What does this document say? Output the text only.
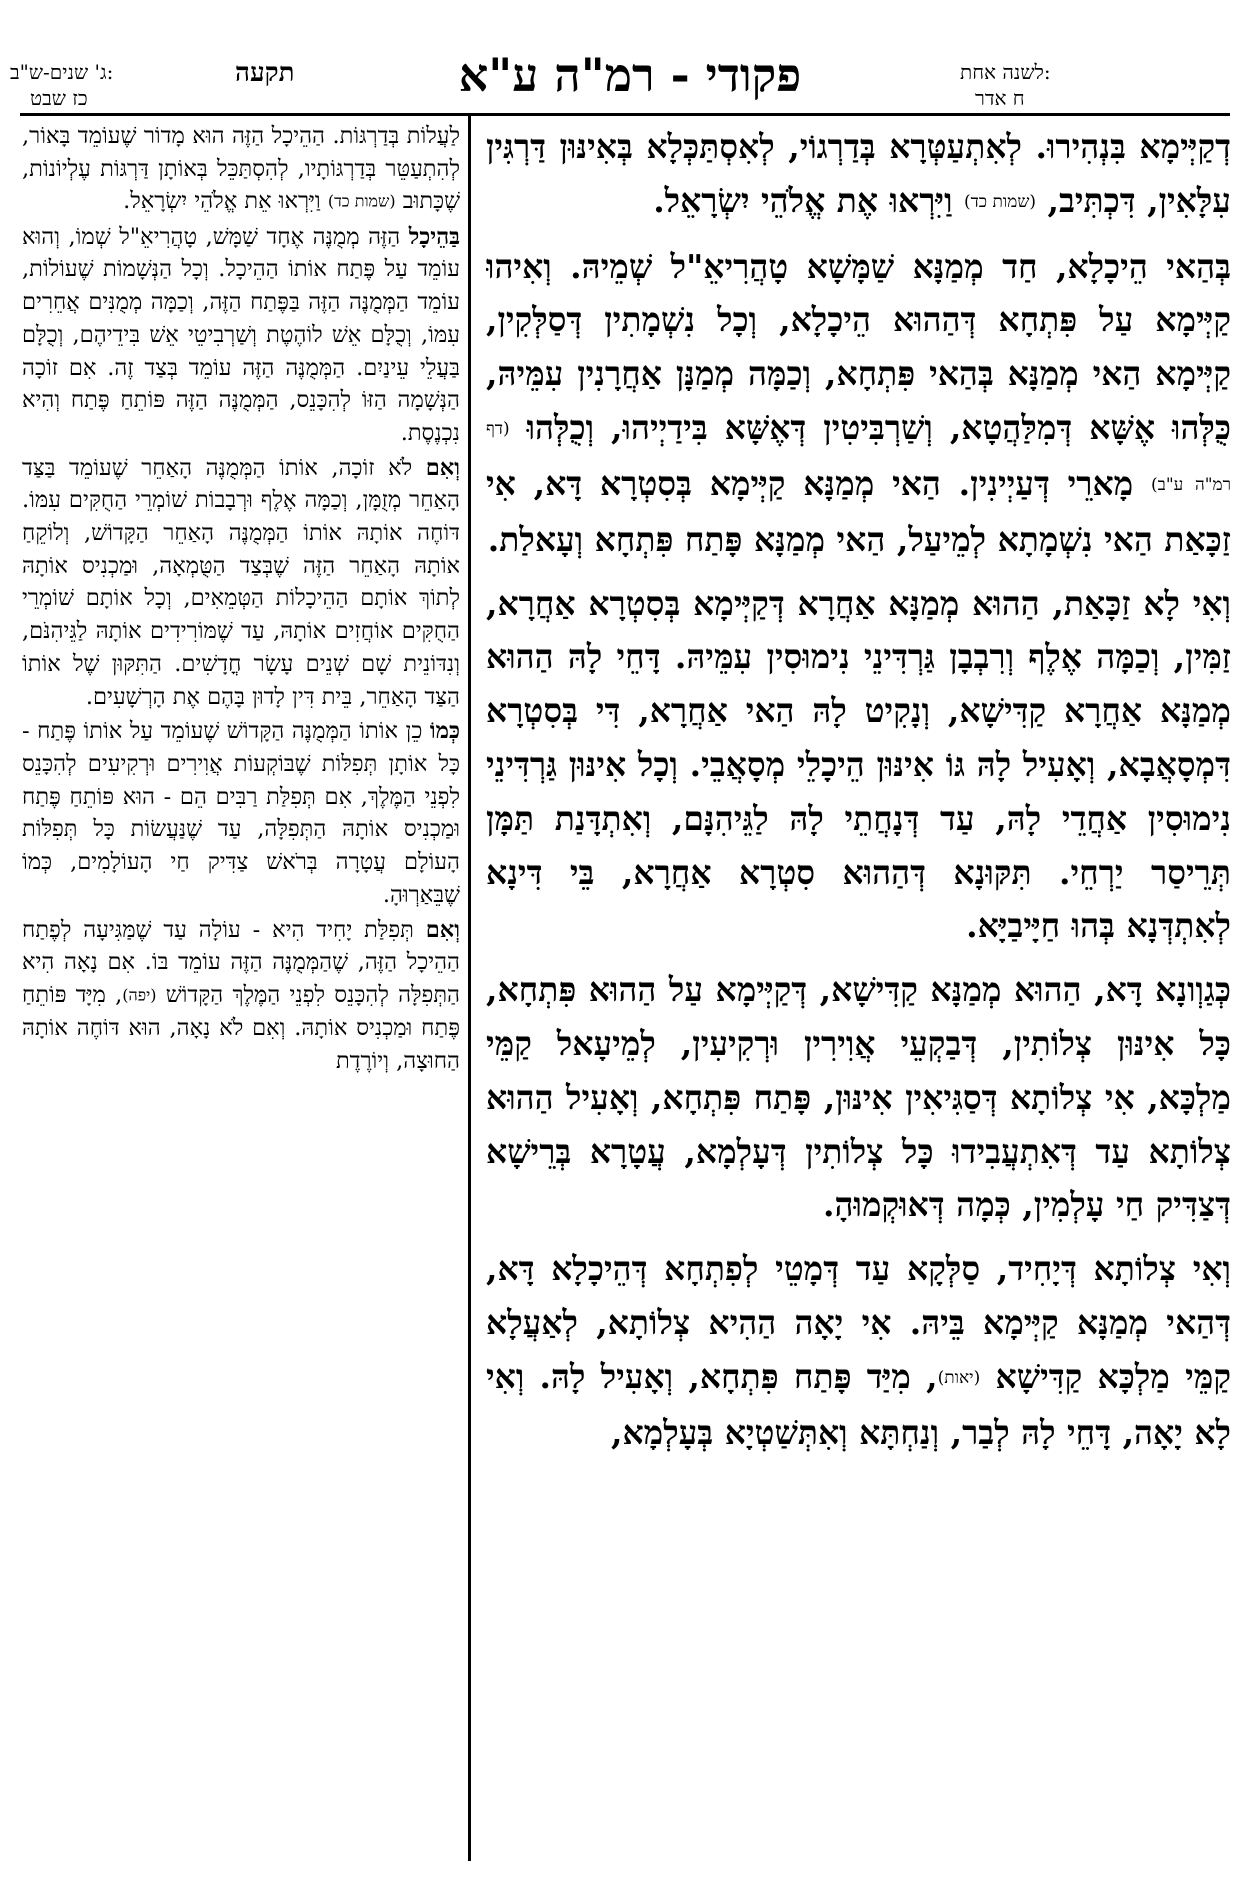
לשנה אחת:
ח אדר
פקודי - רמ"ה ע"א
תקעה
ג' שנים-ש"ב:
כז שבט

דְקַיְּימָא בִּנְהִירוּ. לְאִתְעַטְּרָא בְּדַרְגוֹי, לְאִסְתַּכְּלָא בְּאִינּוּן דַּרְגִּין עִלָּאִין, דִּכְתִּיב, (שמות כד) וַיִּרְאוּ אֶת אֱלֹהֵי יִשְׂרָאֵל.

בְּהַאי הֵיכָלָא, חַד מְמַנָּא שַׁמָּשָׁא טָהֲרִיאֵ"ל שְׁמֵיהּ. וְאִיהוּ קַיְּימָא עַל פִּתְחָא דְּהַהוּא הֵיכָלָא, וְכָל נִשְׁמָתִין דְּסַלְּקִין, קַיְּימָא הַאי מְמַנָּא בְּהַאי פִּתְחָא, וְכַמָּה מְמַנָּן אַחֲרָנִין עִמֵּיהּ, כֻּלְּהוּ אֶשָּׁא דְּמִלַּהֲטָא, וְשַׁרְבִּיטִין דְּאֶשָּׁא בִּידַיְיהוּ, וְכֻלְּהוּ (דף רמ"ה ע"ב) מָארֵי דְּעַיְינִין. הַאי מְמַנָּא קַיְּימָא בְּסִטְרָא דָּא, אִי זַכָּאַת הַאי נִשְׁמָתָא לְמֵיעַל, הַאי מְמַנָּא פָּתַח פִּתְחָא וְעָאלַת.

וְאִי לָא זַכָּאַת, הַהוּא מְמַנָּא אַחֲרָא דְּקַיְּימָא בְּסִטְרָא אַחֲרָא, זַמִּין, וְכַמָּה אֶלֶף וְרִבְבָן גַּרְדִּינֵי נִימוּסִין עִמֵּיהּ. דָּחֵי לָהּ הַהוּא מְמַנָּא אַחֲרָא קַדִּישָׁא, וְנָקִיט לָהּ הַאי אַחֲרָא, דִּי בְּסִטְרָא דִּמְסָאֲבָא, וְאָעִיל לָהּ גּוֹ אִינּוּן הֵיכָלֵי מְסָאֲבֵי. וְכָל אִינּוּן גַּרְדִּינֵי נִימוּסִין אַחֲדֵי לָהּ, עַד דְּנָחֲתֵי לָהּ לַגֵּיהִנָּם, וְאִתְדָּנַת תַּמָּן תְּרֵיסַר יַרְחֵי. תִּקּוּנָא דְּהַהוּא סִטְרָא אַחֲרָא, בֵּי דִּינָא לְאִתְדְּנָא בְּהוּ חַיָּיבַיָּא.

כְּגַוְונָא דָּא, הַהוּא מְמַנָּא קַדִּישָׁא, דְּקַיְּימָא עַל הַהוּא פִּתְחָא, כָּל אִינּוּן צְלוֹתִין, דְּבַקְעֵי אֲוִירִין וּרְקִיעִין, לְמֵיעָאל קַמֵּי מַלְכָּא, אִי צְלוֹתָא דְּסַגִּיאִין אִינּוּן, פָּתַח פִּתְחָא, וְאָעִיל הַהוּא צְלוֹתָא עַד דְּאִתְעֲבִידוּ כָּל צְלוֹתִין דְּעָלְמָא, עֲטָרָא בְּרֵישָׁא דְּצַדִּיק חַי עָלְמִין, כְּמָה דְּאוּקְמוּהָ.

וְאִי צְלוֹתָא דְּיָחִיד, סַלְּקָא עַד דְּמָטֵי לְפִתְחָא דְּהֵיכָלָא דָּא, דְּהַאי מְמַנָּא קַיְּימָא בֵּיהּ. אִי יָאָה הַהִיא צְלוֹתָא, לְאַעֲלָא קַמֵּי מַלְכָּא קַדִּישָׁא (יאות), מִיַּד פָּתַח פִּתְחָא, וְאָעִיל לָהּ. וְאִי לָא יָאָה, דָּחֵי לָהּ לְבַר, וְנַחְתָּא וְאִתְּשַׁטְיָא בְּעָלְמָא,

לַעֲלוֹת בְּדַרְגּוֹת. הַהֵיכָל הַזֶּה הוּא מָדוֹר שֶׁעוֹמֵד בָּאוֹר, לְהִתְעַטֵּר בְּדַרְגּוֹתָיו, לְהִסְתַּכֵּל בְּאוֹתָן דַּרְגּוֹת עֶלְיוֹנוֹת, שֶׁכָּתוּב (שמות כד) וַיִּרְאוּ אֵת אֱלֹהֵי יִשְׂרָאֵל.

בַּהֵיכָל הַזֶּה מְמֻנֶּה אֶחָד שַׁמָּשׁ, טָהֲרִיאֵ"ל שְׁמוֹ, וְהוּא עוֹמֵד עַל פֶּתַח אוֹתוֹ הַהֵיכָל. וְכָל הַנְּשָׁמוֹת שֶׁעוֹלוֹת, עוֹמֵד הַמְּמֻנֶּה הַזֶּה בַּפֶּתַח הַזֶּה, וְכַמָּה מְמֻנִּים אֲחֵרִים עִמּוֹ, וְכֻלָּם אֵשׁ לוֹהֶטֶת וְשַׁרְבִיטֵי אֵשׁ בִּידֵיהֶם, וְכֻלָּם בַּעֲלֵי עֵינַיִם. הַמְּמֻנֶּה הַזֶּה עוֹמֵד בְּצַד זֶה. אִם זוֹכָה הַנְּשָׁמָה הַזּוֹ לְהִכָּנֵס, הַמְּמֻנֶּה הַזֶּה פּוֹתֵחַ פֶּתַח וְהִיא נִכְנֶסֶת.

וְאִם לֹא זוֹכָה, אוֹתוֹ הַמְּמֻנֶּה הָאַחֵר שֶׁעוֹמֵד בַּצַּד הָאַחֵר מְזֻמָּן, וְכַמָּה אֶלֶף וּרְבָבוֹת שׁוֹמְרֵי הַחֻקִּים עִמּוֹ. דּוֹחֶה אוֹתָהּ אוֹתוֹ הַמְּמֻנֶּה הָאַחֵר הַקָּדוֹשׁ, וְלוֹקֵחַ אוֹתָהּ הָאַחֵר הַזֶּה שֶׁבְּצַד הַטֻּמְאָה, וּמַכְנִיס אוֹתָהּ לְתוֹךְ אוֹתָם הַהֵיכָלוֹת הַטְּמֵאִים, וְכָל אוֹתָם שׁוֹמְרֵי הַחֻקִּים אוֹחֲזִים אוֹתָהּ, עַד שֶׁמּוֹרִידִים אוֹתָהּ לַגֵּיהִנֹּם, וְנִדּוֹנֵית שָׁם שְׁנֵים עָשָׂר חֳדָשִׁים. הַתִּקּוּן שֶׁל אוֹתוֹ הַצַּד הָאַחֵר, בֵּית דִּין לָדוּן בָּהֶם אֶת הָרְשָׁעִים.

כְּמוֹ כֵן אוֹתוֹ הַמְּמֻנֶּה הַקָּדוֹשׁ שֶׁעוֹמֵד עַל אוֹתוֹ פֶּתַח - כָּל אוֹתָן תְּפִלּוֹת שֶׁבּוֹקְעוֹת אֲוִירִים וּרְקִיעִים לְהִכָּנֵס לִפְנֵי הַמֶּלֶךְ, אִם תְּפִלַּת רַבִּים הֵם - הוּא פּוֹתֵחַ פֶּתַח וּמַכְנִיס אוֹתָהּ הַתְּפִלָּה, עַד שֶׁנַּעֲשׂוֹת כָּל תְּפִלּוֹת הָעוֹלָם עֲטָרָה בְּרֹאשׁ צַדִּיק חַי הָעוֹלָמִים, כְּמוֹ שֶׁבֵּאַרְוּהָ.

וְאִם תְּפִלַּת יָחִיד הִיא - עוֹלָה עַד שֶׁמַּגִּיעָה לְפֶתַח הַהֵיכָל הַזֶּה, שֶׁהַמְּמֻנֶּה הַזֶּה עוֹמֵד בּוֹ. אִם נָאָה הִיא הַתְּפִלָּה לְהִכָּנֵס לִפְנֵי הַמֶּלֶךְ הַקָּדוֹשׁ (יפה), מִיָּד פּוֹתֵחַ פֶּתַח וּמַכְנִיס אוֹתָהּ. וְאִם לֹא נָאָה, הוּא דּוֹחֶה אוֹתָהּ הַחוּצָה, וְיוֹרֶדֶת
